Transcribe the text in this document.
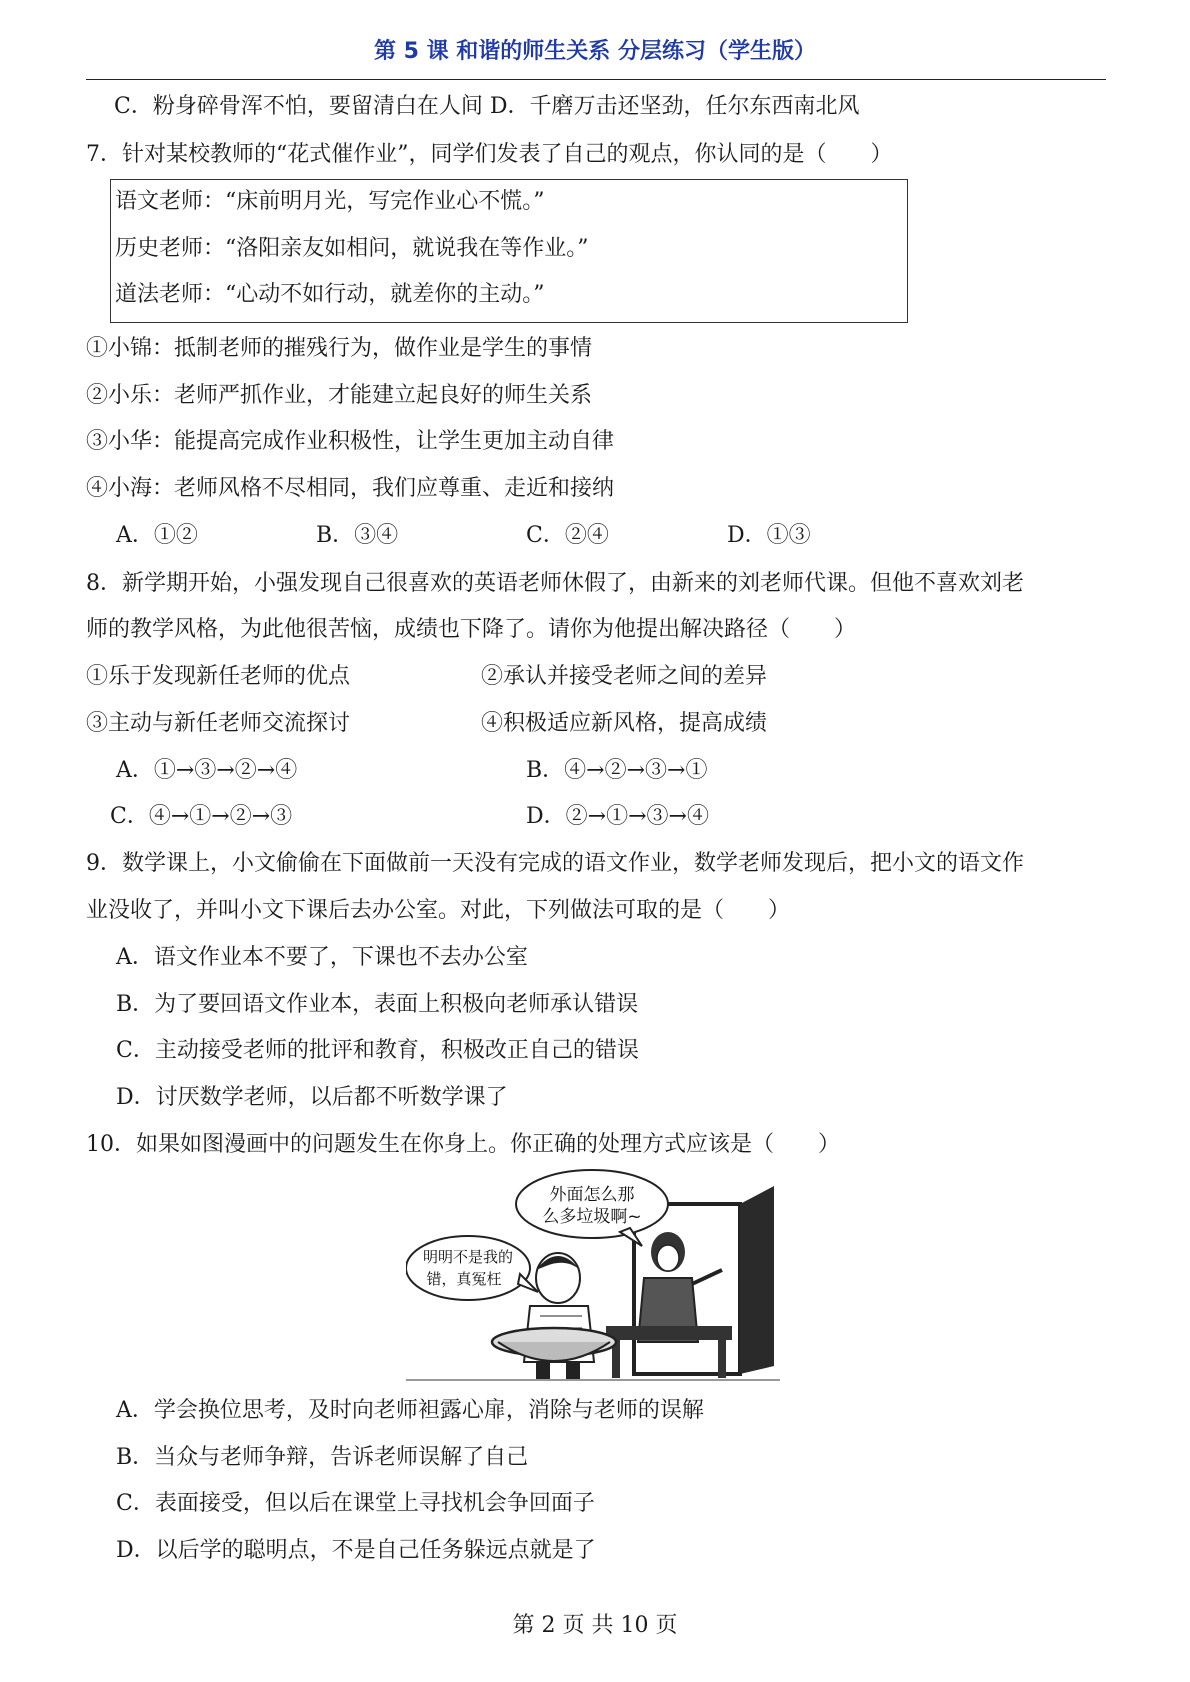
第 5 课 和谐的师生关系 分层练习（学生版）
C．粉身碎骨浑不怕，要留清白在人间 D．千磨万击还坚劲，任尔东西南北风
7．针对某校教师的“花式催作业”，同学们发表了自己的观点，你认同的是（　　）
语文老师：“床前明月光，写完作业心不慌。”
历史老师：“洛阳亲友如相问，就说我在等作业。”
道法老师：“心动不如行动，就差你的主动。”
①小锦：抵制老师的摧残行为，做作业是学生的事情
②小乐：老师严抓作业，才能建立起良好的师生关系
③小华：能提高完成作业积极性，让学生更加主动自律
④小海：老师风格不尽相同，我们应尊重、走近和接纳
A．①②	B．③④	C．②④	D．①③
8．新学期开始，小强发现自己很喜欢的英语老师休假了，由新来的刘老师代课。但他不喜欢刘老
师的教学风格，为此他很苦恼，成绩也下降了。请你为他提出解决路径（　　）
①乐于发现新任老师的优点	②承认并接受老师之间的差异
③主动与新任老师交流探讨	④积极适应新风格，提高成绩
A．①→③→②→④	B．④→②→③→①
C．④→①→②→③	D．②→①→③→④
9．数学课上，小文偷偷在下面做前一天没有完成的语文作业，数学老师发现后，把小文的语文作
业没收了，并叫小文下课后去办公室。对此，下列做法可取的是（　　）
A．语文作业本不要了，下课也不去办公室
B．为了要回语文作业本，表面上积极向老师承认错误
C．主动接受老师的批评和教育，积极改正自己的错误
D．讨厌数学老师，以后都不听数学课了
10．如果如图漫画中的问题发生在你身上。你正确的处理方式应该是（　　）
外面怎么那
么多垃圾啊~
明明不是我的
错，真冤枉
A．学会换位思考，及时向老师袒露心扉，消除与老师的误解
B．当众与老师争辩，告诉老师误解了自己
C．表面接受，但以后在课堂上寻找机会争回面子
D．以后学的聪明点，不是自己任务躲远点就是了
第 2 页 共 10 页
